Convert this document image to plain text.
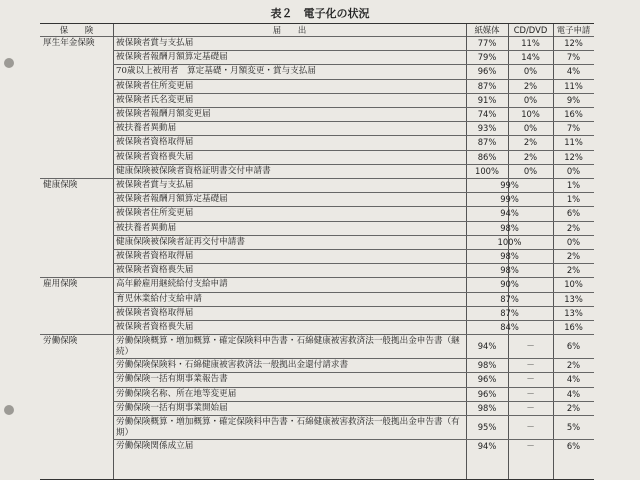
表２　電子化の状況
保　　険	届　　出	紙媒体	CD/DVD	電子申請
厚生年金保険 被保険者賞与支払届	77%	11%	12%
被保険者報酬月額算定基礎届	79%	14%	7%
70歳以上被用者　算定基礎・月額変更・賞与支払届	96%	0%	4%
被保険者住所変更届	87%	2%	11%
被保険者氏名変更届	91%	0%	9%
被保険者報酬月額変更届	74%	10%	16%
被扶養者異動届	93%	0%	7%
被保険者資格取得届	87%	2%	11%
被保険者資格喪失届	86%	2%	12%
健康保険被保険者資格証明書交付申請書	100%	0%	0%
健康保険	被保険者賞与支払届	99%	1%
被保険者報酬月額算定基礎届	99%	1%
被保険者住所変更届	94%	6%
被扶養者異動届	98%	2%
健康保険被保険者証再交付申請書	100%	0%
被保険者資格取得届	98%	2%
被保険者資格喪失届	98%	2%
雇用保険	高年齢雇用継続給付支給申請	90%	10%
育児休業給付支給申請	87%	13%
被保険者資格取得届	87%	13%
被保険者資格喪失届	84%	16%
労働保険	労働保険概算・増加概算・確定保険料申告書・石綿健康被害救済法一般拠出金申告書（継続）
94%	－	6%
労働保険保険料・石綿健康被害救済法一般拠出金還付請求書	98%	－	2%
労働保険一括有期事業報告書	96%	－	4%
労働保険名称、所在地等変更届	96%	－	4%
労働保険一括有期事業開始届	98%	－	2%
労働保険概算・増加概算・確定保険料申告書・石綿健康被害救済法一般拠出金申告書（有期）
95%	－	5%
労働保険関係成立届	94%	－	6%
